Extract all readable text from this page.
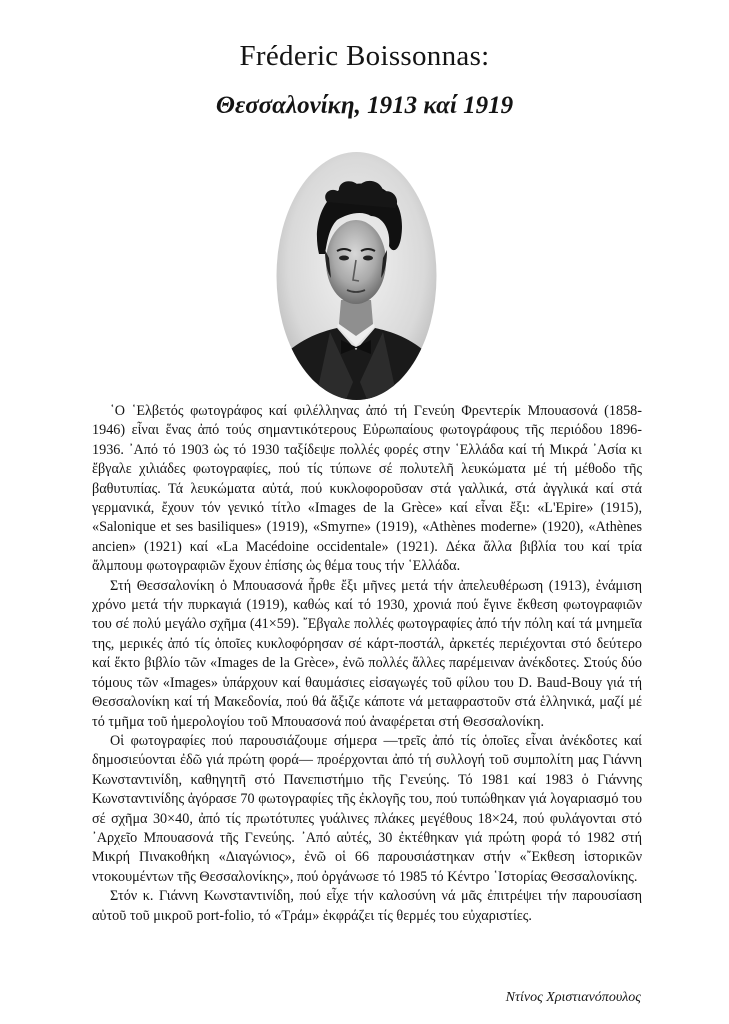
Fréderic Boissonnas:
Θεσσαλονίκη, 1913 καί 1919

῾Ο ῾Ελβετός φωτογράφος καί φιλέλληνας ἀπό τή Γενεύη Φρεντερίκ Μπουασονά (1858-1946) εἶναι ἕνας ἀπό τούς σημαντικότερους Εὐρωπαίους φωτογράφους τῆς περιόδου 1896-1936. ᾿Από τό 1903 ὡς τό 1930 ταξίδεψε πολλές φορές στην ῾Ελλάδα καί τή Μικρά ᾿Ασία κι ἔβγαλε χιλιάδες φωτογραφίες, πού τίς τύπωνε σέ πολυτελῆ λευκώματα μέ τή μέθοδο τῆς βαθυτυπίας. Τά λευκώματα αὐτά, πού κυκλοφοροῦσαν στά γαλλικά, στά ἀγγλικά καί στά γερμανικά, ἔχουν τόν γενικό τίτλο «Images de la Grèce» καί εἶναι ἔξι: «L'Epire» (1915), «Salonique et ses basiliques» (1919), «Smyrne» (1919), «Athènes moderne» (1920), «Athènes ancien» (1921) καί «La Macédoine occidentale» (1921). Δέκα ἄλλα βιβλία του καί τρία ἄλμπουμ φωτογραφιῶν ἔχουν ἐπίσης ὡς θέμα τους τήν ῾Ελλάδα.

Στή Θεσσαλονίκη ὁ Μπουασονά ἦρθε ἔξι μῆνες μετά τήν ἀπελευθέρωση (1913), ἐνάμιση χρόνο μετά τήν πυρκαγιά (1919), καθώς καί τό 1930, χρονιά πού ἔγινε ἔκθεση φωτογραφιῶν του σέ πολύ μεγάλο σχῆμα (41×59). ῎Εβγαλε πολλές φωτογραφίες ἀπό τήν πόλη καί τά μνημεῖα της, μερικές ἀπό τίς ὁποῖες κυκλοφόρησαν σέ κάρτ-ποστάλ, ἀρκετές περιέχονται στό δεύτερο καί ἕκτο βιβλίο τῶν «Images de la Grèce», ἐνῶ πολλές ἄλλες παρέμειναν ἀνέκδοτες. Στούς δύο τόμους τῶν «Images» ὑπάρχουν καί θαυμάσιες εἰσαγωγές τοῦ φίλου του D. Baud-Bouy γιά τή Θεσσαλονίκη καί τή Μακεδονία, πού θά ἄξιζε κάποτε νά μεταφραστοῦν στά ἑλληνικά, μαζί μέ τό τμῆμα τοῦ ἡμερολογίου τοῦ Μπουασονά πού ἀναφέρεται στή Θεσσαλονίκη.

Οἱ φωτογραφίες πού παρουσιάζουμε σήμερα —τρεῖς ἀπό τίς ὁποῖες εἶναι ἀνέκδοτες καί δημοσιεύονται ἐδῶ γιά πρώτη φορά— προέρχονται ἀπό τή συλλογή τοῦ συμπολίτη μας Γιάννη Κωνσταντινίδη, καθηγητῆ στό Πανεπιστήμιο τῆς Γενεύης. Τό 1981 καί 1983 ὁ Γιάννης Κωνσταντινίδης ἀγόρασε 70 φωτογραφίες τῆς ἐκλογῆς του, πού τυπώθηκαν γιά λογαριασμό του σέ σχῆμα 30×40, ἀπό τίς πρωτότυπες γυάλινες πλάκες μεγέθους 18×24, πού φυλάγονται στό ᾿Αρχεῖο Μπουασονά τῆς Γενεύης. ᾿Από αὐτές, 30 ἐκτέθηκαν γιά πρώτη φορά τό 1982 στή Μικρή Πινακοθήκη «Διαγώνιος», ἐνῶ οἱ 66 παρουσιάστηκαν στήν «῎Εκθεση ἱστορικῶν ντοκουμέντων τῆς Θεσσαλονίκης», πού ὀργάνωσε τό 1985 τό Κέντρο ῾Ιστορίας Θεσσαλονίκης.

Στόν κ. Γιάννη Κωνσταντινίδη, πού εἶχε τήν καλοσύνη νά μᾶς ἐπιτρέψει τήν παρουσίαση αὐτοῦ τοῦ μικροῦ port-folio, τό «Τράμ» ἐκφράζει τίς θερμές του εὐχαριστίες.

Ντίνος Χριστιανόπουλος
